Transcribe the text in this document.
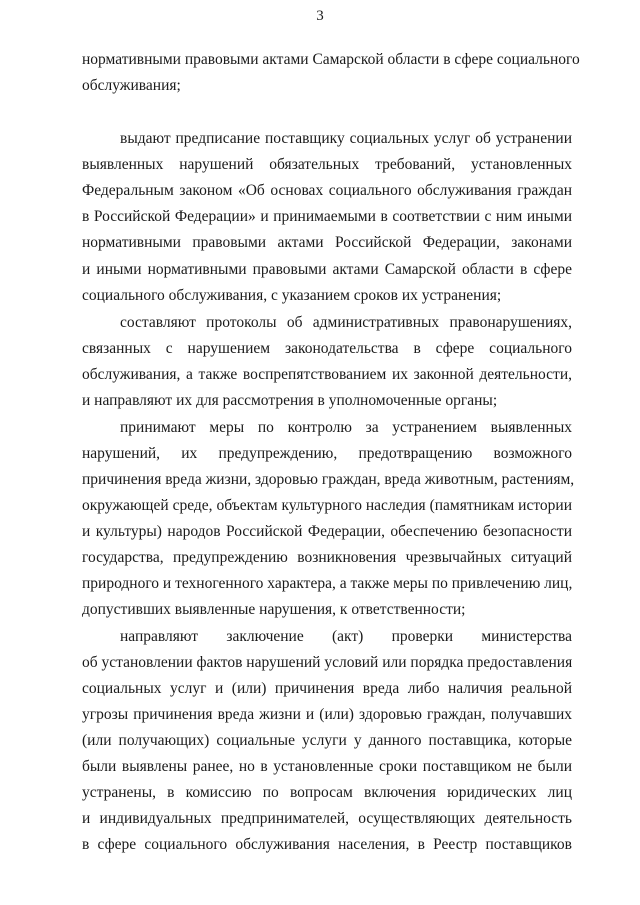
3
нормативными правовыми актами Самарской области в сфере социального
обслуживания;
выдают предписание поставщику социальных услуг об устранении
выявленных нарушений обязательных требований, установленных
Федеральным законом «Об основах социального обслуживания граждан
в Российской Федерации» и принимаемыми в соответствии с ним иными
нормативными правовыми актами Российской Федерации, законами
и иными нормативными правовыми актами Самарской области в сфере
социального обслуживания, с указанием сроков их устранения;
составляют протоколы об административных правонарушениях,
связанных с нарушением законодательства в сфере социального
обслуживания, а также воспрепятствованием их законной деятельности,
и направляют их для рассмотрения в уполномоченные органы;
принимают меры по контролю за устранением выявленных
нарушений, их предупреждению, предотвращению возможного
причинения вреда жизни, здоровью граждан, вреда животным, растениям,
окружающей среде, объектам культурного наследия (памятникам истории
и культуры) народов Российской Федерации, обеспечению безопасности
государства, предупреждению возникновения чрезвычайных ситуаций
природного и техногенного характера, а также меры по привлечению лиц,
допустивших выявленные нарушения, к ответственности;
направляют заключение (акт) проверки министерства
об установлении фактов нарушений условий или порядка предоставления
социальных услуг и (или) причинения вреда либо наличия реальной
угрозы причинения вреда жизни и (или) здоровью граждан, получавших
(или получающих) социальные услуги у данного поставщика, которые
были выявлены ранее, но в установленные сроки поставщиком не были
устранены, в комиссию по вопросам включения юридических лиц
и индивидуальных предпринимателей, осуществляющих деятельность
в сфере социального обслуживания населения, в Реестр поставщиков
